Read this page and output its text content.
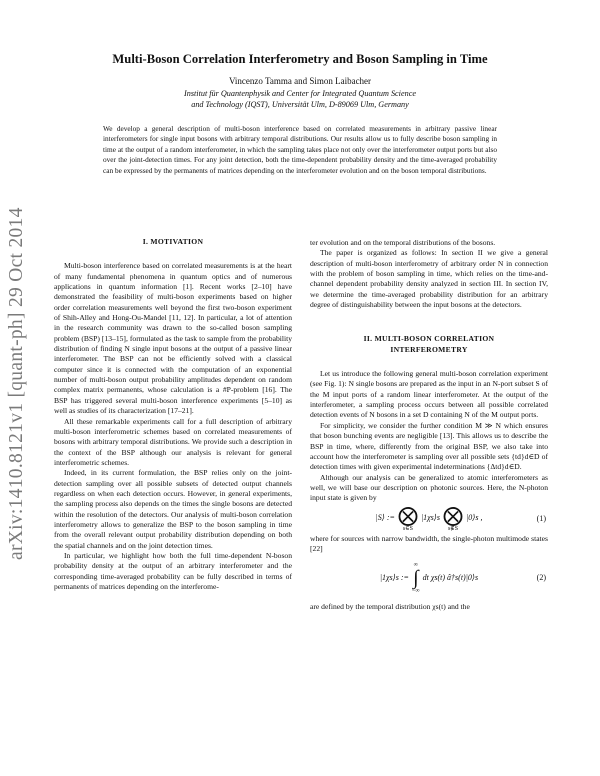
arXiv:1410.8121v1 [quant-ph] 29 Oct 2014
Multi-Boson Correlation Interferometry and Boson Sampling in Time
Vincenzo Tamma and Simon Laibacher
Institut für Quantenphysik and Center for Integrated Quantum Science
and Technology (IQST), Universität Ulm, D-89069 Ulm, Germany
We develop a general description of multi-boson interference based on correlated measurements in arbitrary passive linear interferometers for single input bosons with arbitrary temporal distributions. Our results allow us to fully describe boson sampling in time at the output of a random interferometer, in which the sampling takes place not only over the interferometer output ports but also over the joint-detection times. For any joint detection, both the time-dependent probability density and the time-averaged probability can be expressed by the permanents of matrices depending on the interferometer evolution and on the boson temporal distributions.
I. MOTIVATION

Multi-boson interference based on correlated measurements is at the heart of many fundamental phenomena in quantum optics and of numerous applications in quantum information [1]. Recent works [2–10] have demonstrated the feasibility of multi-boson experiments based on higher order correlation measurements well beyond the first two-boson experiment of Shih-Alley and Hong-Ou-Mandel [11, 12]. In particular, a lot of attention in the research community was drawn to the so-called boson sampling problem (BSP) [13–15], formulated as the task to sample from the probability distribution of finding N single input bosons at the output of a passive linear interferometer. The BSP can not be efficiently solved with a classical computer since it is connected with the computation of an exponential number of multi-boson output probability amplitudes dependent on random complex matrix permanents, whose calculation is a #P-problem [16]. The BSP has triggered several multi-boson interference experiments [5–10] as well as studies of its characterization [17–21].

All these remarkable experiments call for a full description of arbitrary multi-boson interferometric schemes based on correlated measurements of bosons with arbitrary temporal distributions. We provide such a description in the context of the BSP although our analysis is relevant for general interferometric schemes.

Indeed, in its current formulation, the BSP relies only on the joint-detection sampling over all possible subsets of detected output channels regardless on when each detection occurs. However, in general experiments, the sampling process also depends on the times the single bosons are detected within the resolution of the detectors. Our analysis of multi-boson correlation interferometry allows to generalize the BSP to the boson sampling in time from the overall relevant output probability distribution depending on both the spatial channels and on the joint detection times.

In particular, we highlight how both the full time-dependent N-boson probability density at the output of an arbitrary interferometer and the corresponding time-averaged probability can be fully described in terms of permanents of matrices depending on the interferome-

ter evolution and on the temporal distributions of the bosons.

The paper is organized as follows: In section II we give a general description of multi-boson interferometry of arbitrary order N in connection with the problem of boson sampling in time, which relies on the time-and-channel dependent probability density analyzed in section III. In section IV, we determine the time-averaged probability distribution for an arbitrary degree of distinguishability between the input bosons at the detectors.

II. MULTI-BOSON CORRELATION
INTERFEROMETRY

Let us introduce the following general multi-boson correlation experiment (see Fig. 1): N single bosons are prepared as the input in an N-port subset S of the M input ports of a random linear interferometer. At the output of the interferometer, a sampling process occurs between all possible correlated detection events of N bosons in a set D containing N of the M output ports.

For simplicity, we consider the further condition M ≫ N which ensures that boson bunching events are negligible [13]. This allows us to describe the BSP in time, where, differently from the original BSP, we also take into account how the interferometer is sampling over all possible sets {td}d∈D of detection times with given experimental indeterminations {Δtd}d∈D.

Although our analysis can be generalized to atomic interferometers as well, we will base our description on photonic sources. Here, the N-photon input state is given by

|S⟩ := ⨂
s∈S
|1χs⟩s ⨂
s∉S
|0⟩s ,	(1)

where for sources with narrow bandwidth, the single-photon multimode states [22]

|1χs⟩s :=
∞
∫
−∞
dt χs(t) â†s(t)|0⟩s	(2)

are defined by the temporal distribution χs(t) and the
